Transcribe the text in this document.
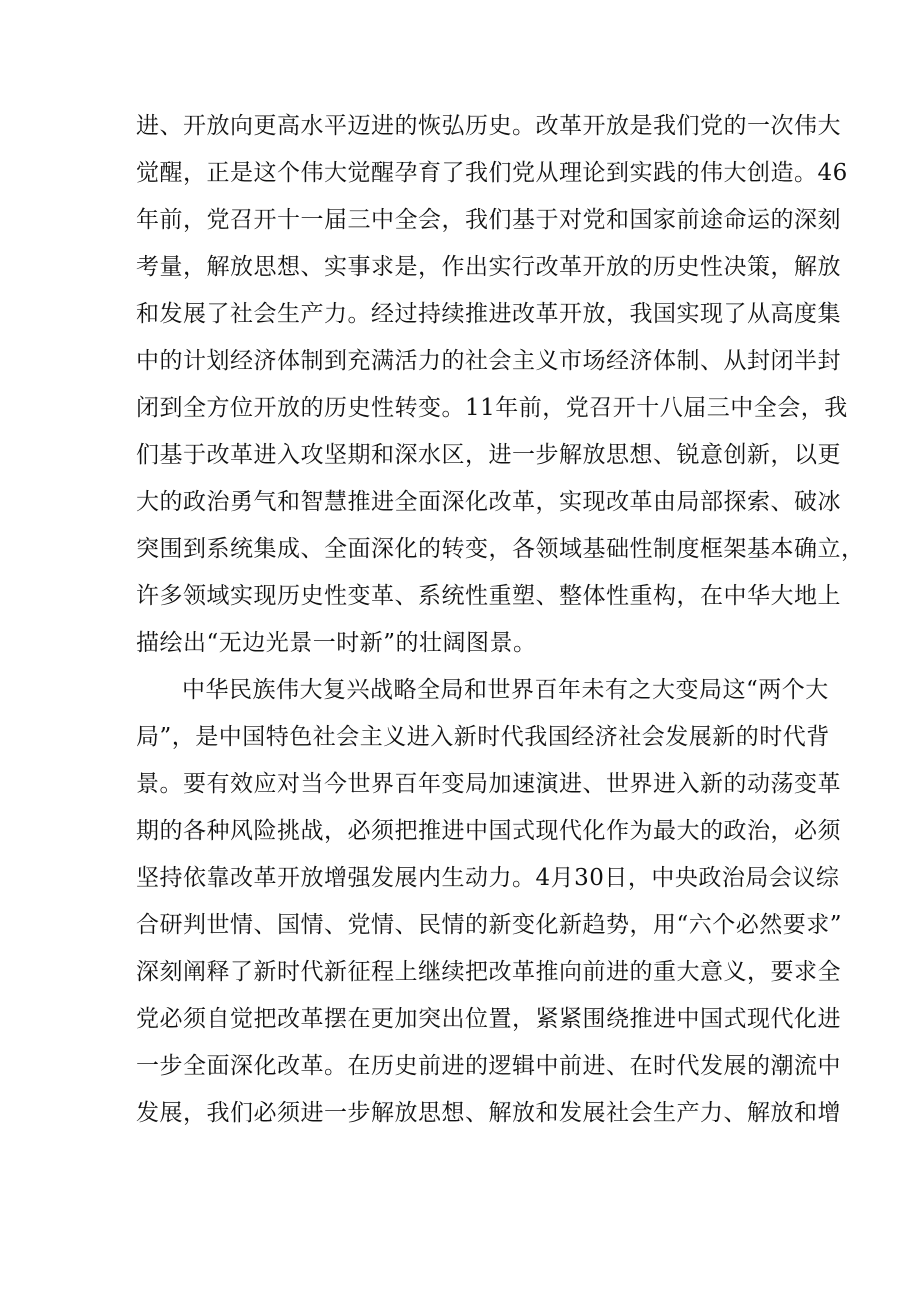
进、开放向更高水平迈进的恢弘历史。改革开放是我们党的一次伟大
觉醒，正是这个伟大觉醒孕育了我们党从理论到实践的伟大创造。46
年前，党召开十一届三中全会，我们基于对党和国家前途命运的深刻
考量，解放思想、实事求是，作出实行改革开放的历史性决策，解放
和发展了社会生产力。经过持续推进改革开放，我国实现了从高度集
中的计划经济体制到充满活力的社会主义市场经济体制、从封闭半封
闭到全方位开放的历史性转变。11年前，党召开十八届三中全会，我
们基于改革进入攻坚期和深水区，进一步解放思想、锐意创新，以更
大的政治勇气和智慧推进全面深化改革，实现改革由局部探索、破冰
突围到系统集成、全面深化的转变，各领域基础性制度框架基本确立，
许多领域实现历史性变革、系统性重塑、整体性重构，在中华大地上
描绘出“无边光景一时新”的壮阔图景。
中华民族伟大复兴战略全局和世界百年未有之大变局这“两个大
局”，是中国特色社会主义进入新时代我国经济社会发展新的时代背
景。要有效应对当今世界百年变局加速演进、世界进入新的动荡变革
期的各种风险挑战，必须把推进中国式现代化作为最大的政治，必须
坚持依靠改革开放增强发展内生动力。4月30日，中央政治局会议综
合研判世情、国情、党情、民情的新变化新趋势，用“六个必然要求”
深刻阐释了新时代新征程上继续把改革推向前进的重大意义，要求全
党必须自觉把改革摆在更加突出位置，紧紧围绕推进中国式现代化进
一步全面深化改革。在历史前进的逻辑中前进、在时代发展的潮流中
发展，我们必须进一步解放思想、解放和发展社会生产力、解放和增
